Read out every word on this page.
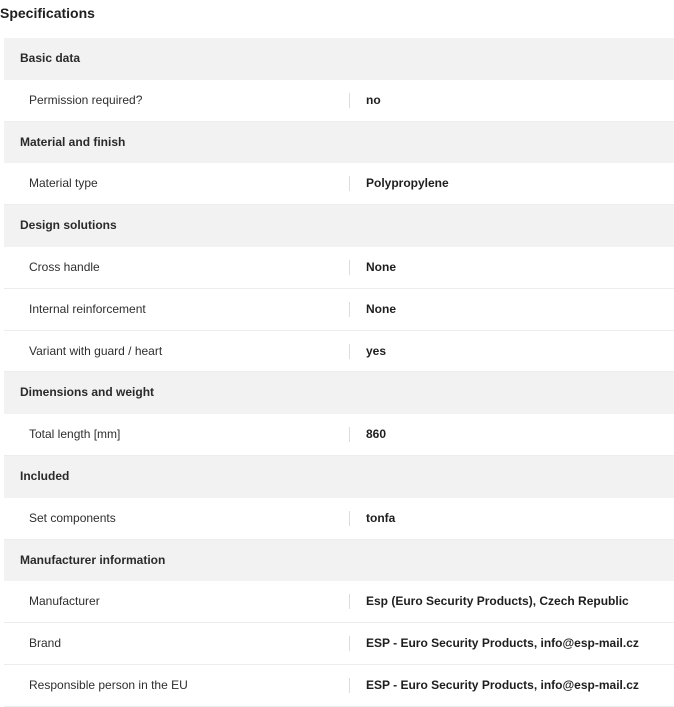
Specifications
Basic data
Permission required?	no
Material and finish
Material type	Polypropylene
Design solutions
Cross handle	None
Internal reinforcement	None
Variant with guard / heart	yes
Dimensions and weight
Total length [mm]	860
Included
Set components	tonfa
Manufacturer information
Manufacturer	Esp (Euro Security Products), Czech Republic
Brand	ESP - Euro Security Products, info@esp-mail.cz
Responsible person in the EU	ESP - Euro Security Products, info@esp-mail.cz
